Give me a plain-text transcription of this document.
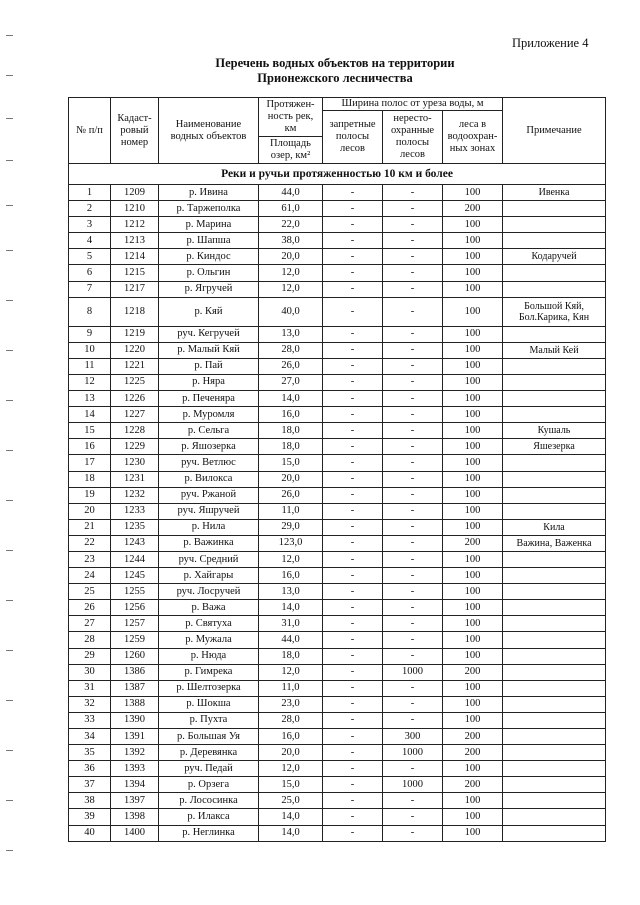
Приложение 4
Перечень водных объектов на территории
Прионежского лесничества
№ п/п	Кадаст-ровый номер	Наименование водных объектов	Протяжен-ность рек, км	Ширина полос от уреза воды, м			Примечание
				запретные полосы лесов	нересто-охранные полосы лесов	леса в водоохран-ных зонах	
			Площадь озер, км²				
Реки и ручьи протяженностью 10 км и более							
1	1209	р. Ивина	44,0	-	-	100	Ивенка
2	1210	р. Таржеполка	61,0	-	-	200	
3	1212	р. Марина	22,0	-	-	100	
4	1213	р. Шапша	38,0	-	-	100	
5	1214	р. Киндос	20,0	-	-	100	Кодаручей
6	1215	р. Ольгин	12,0	-	-	100	
7	1217	р. Ягручей	12,0	-	-	100	
8	1218	р. Кяй	40,0	-	-	100	Большой Кяй, Бол.Карика, Кян
9	1219	руч. Кегручей	13,0	-	-	100	
10	1220	р. Малый Кяй	28,0	-	-	100	Малый Кей
11	1221	р. Пай	26,0	-	-	100	
12	1225	р. Няра	27,0	-	-	100	
13	1226	р. Печеняра	14,0	-	-	100	
14	1227	р. Муромля	16,0	-	-	100	
15	1228	р. Сельга	18,0	-	-	100	Кушаль
16	1229	р. Яшозерка	18,0	-	-	100	Яшезерка
17	1230	руч. Ветлюс	15,0	-	-	100	
18	1231	р. Вилокса	20,0	-	-	100	
19	1232	руч. Ржаной	26,0	-	-	100	
20	1233	руч. Яшручей	11,0	-	-	100	
21	1235	р. Нила	29,0	-	-	100	Кила
22	1243	р. Важинка	123,0	-	-	200	Важина, Важенка
23	1244	руч. Средний	12,0	-	-	100	
24	1245	р. Хайгары	16,0	-	-	100	
25	1255	руч. Лосручей	13,0	-	-	100	
26	1256	р. Важа	14,0	-	-	100	
27	1257	р. Святуха	31,0	-	-	100	
28	1259	р. Мужала	44,0	-	-	100	
29	1260	р. Нюда	18,0	-	-	100	
30	1386	р. Гимрека	12,0	-	1000	200	
31	1387	р. Шелтозерка	11,0	-	-	100	
32	1388	р. Шокша	23,0	-	-	100	
33	1390	р. Пухта	28,0	-	-	100	
34	1391	р. Большая Уя	16,0	-	300	200	
35	1392	р. Деревянка	20,0	-	1000	200	
36	1393	руч. Педай	12,0	-	-	100	
37	1394	р. Орзега	15,0	-	1000	200	
38	1397	р. Лососинка	25,0	-	-	100	
39	1398	р. Илакса	14,0	-	-	100	
40	1400	р. Неглинка	14,0	-	-	100	
